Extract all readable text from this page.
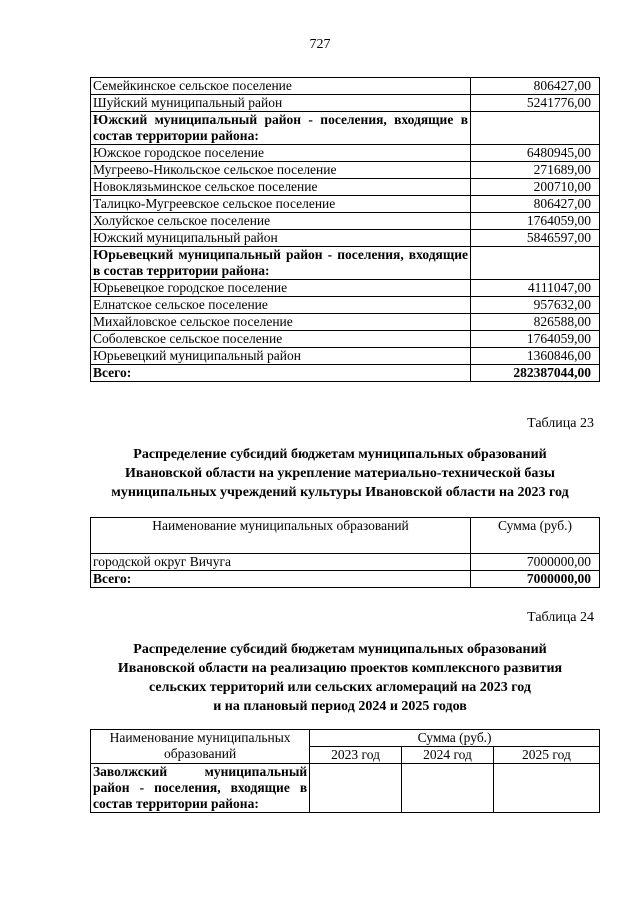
727
Семейкинское сельское поселение	806427,00
Шуйский муниципальный район	5241776,00
Южский муниципальный район - поселения, входящие в состав территории района:	
Южское городское поселение	6480945,00
Мугреево-Никольское сельское поселение	271689,00
Новоклязьминское сельское поселение	200710,00
Талицко-Мугреевское сельское поселение	806427,00
Холуйское сельское поселение	1764059,00
Южский муниципальный район	5846597,00
Юрьевецкий муниципальный район - поселения, входящие в состав территории района:	
Юрьевецкое городское поселение	4111047,00
Елнатское сельское поселение	957632,00
Михайловское сельское поселение	826588,00
Соболевское сельское поселение	1764059,00
Юрьевецкий муниципальный район	1360846,00
Всего:	282387044,00
Таблица 23
Распределение субсидий бюджетам муниципальных образований
Ивановской области на укрепление материально-технической базы
муниципальных учреждений культуры Ивановской области на 2023 год
Наименование муниципальных образований	Сумма (руб.)
городской округ Вичуга	7000000,00
Всего:	7000000,00
Таблица 24
Распределение субсидий бюджетам муниципальных образований
Ивановской области на реализацию проектов комплексного развития
сельских территорий или сельских агломераций на 2023 год
и на плановый период 2024 и 2025 годов
Наименование муниципальных образований	Сумма (руб.)		
	2023 год	2024 год	2025 год
Заволжский муниципальный район - поселения, входящие в состав территории района:			
